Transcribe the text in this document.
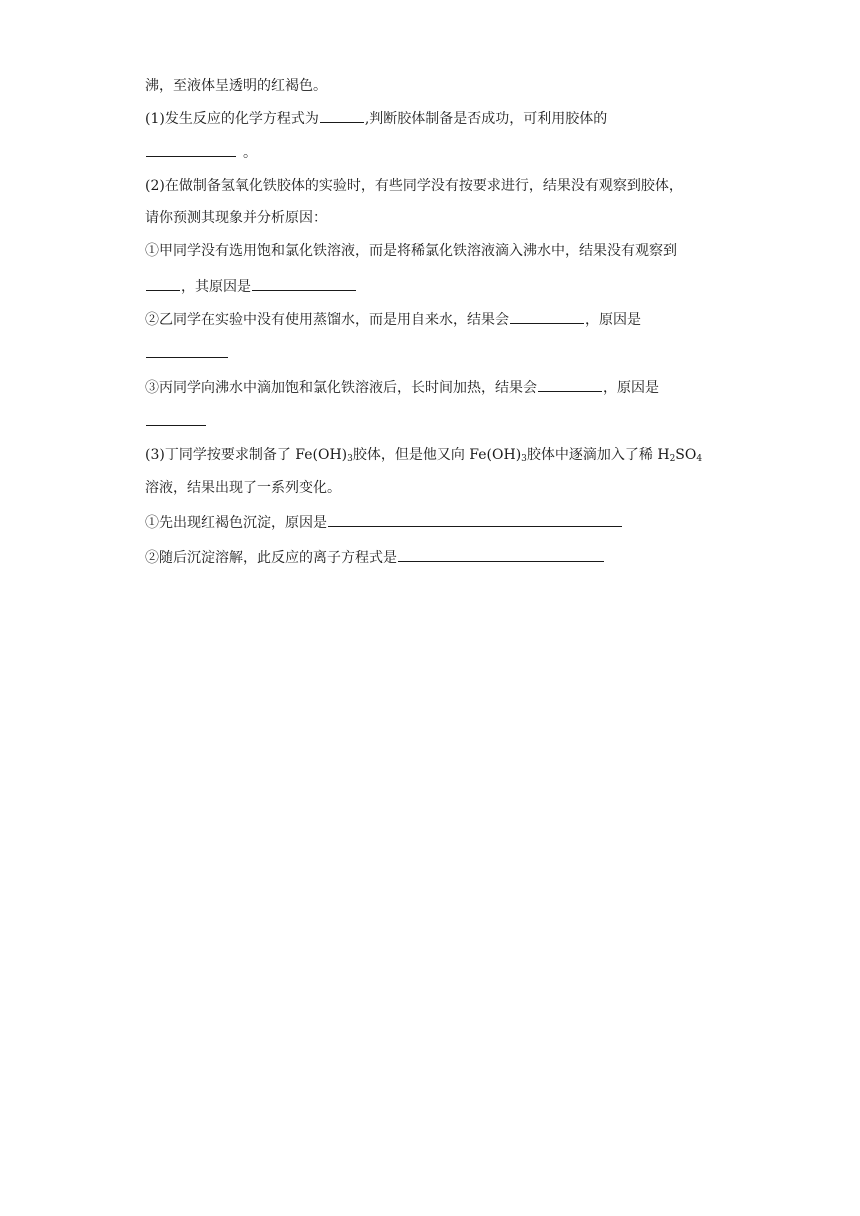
沸，至液体呈透明的红褐色。
(1)发生反应的化学方程式为	,判断胶体制备是否成功，可利用胶体的
。
(2)在做制备氢氧化铁胶体的实验时，有些同学没有按要求进行，结果没有观察到胶体，
请你预测其现象并分析原因：
①甲同学没有选用饱和氯化铁溶液，而是将稀氯化铁溶液滴入沸水中，结果没有观察到
，其原因是
②乙同学在实验中没有使用蒸馏水，而是用自来水，结果会	，原因是
③丙同学向沸水中滴加饱和氯化铁溶液后，长时间加热，结果会	，原因是
(3)丁同学按要求制备了 $Fe(OH)_3$胶体，但是他又向 $Fe(OH)_3$胶体中逐滴加入了稀 $H_2SO_4$
溶液，结果出现了一系列变化。
①先出现红褐色沉淀，原因是
②随后沉淀溶解，此反应的离子方程式是
